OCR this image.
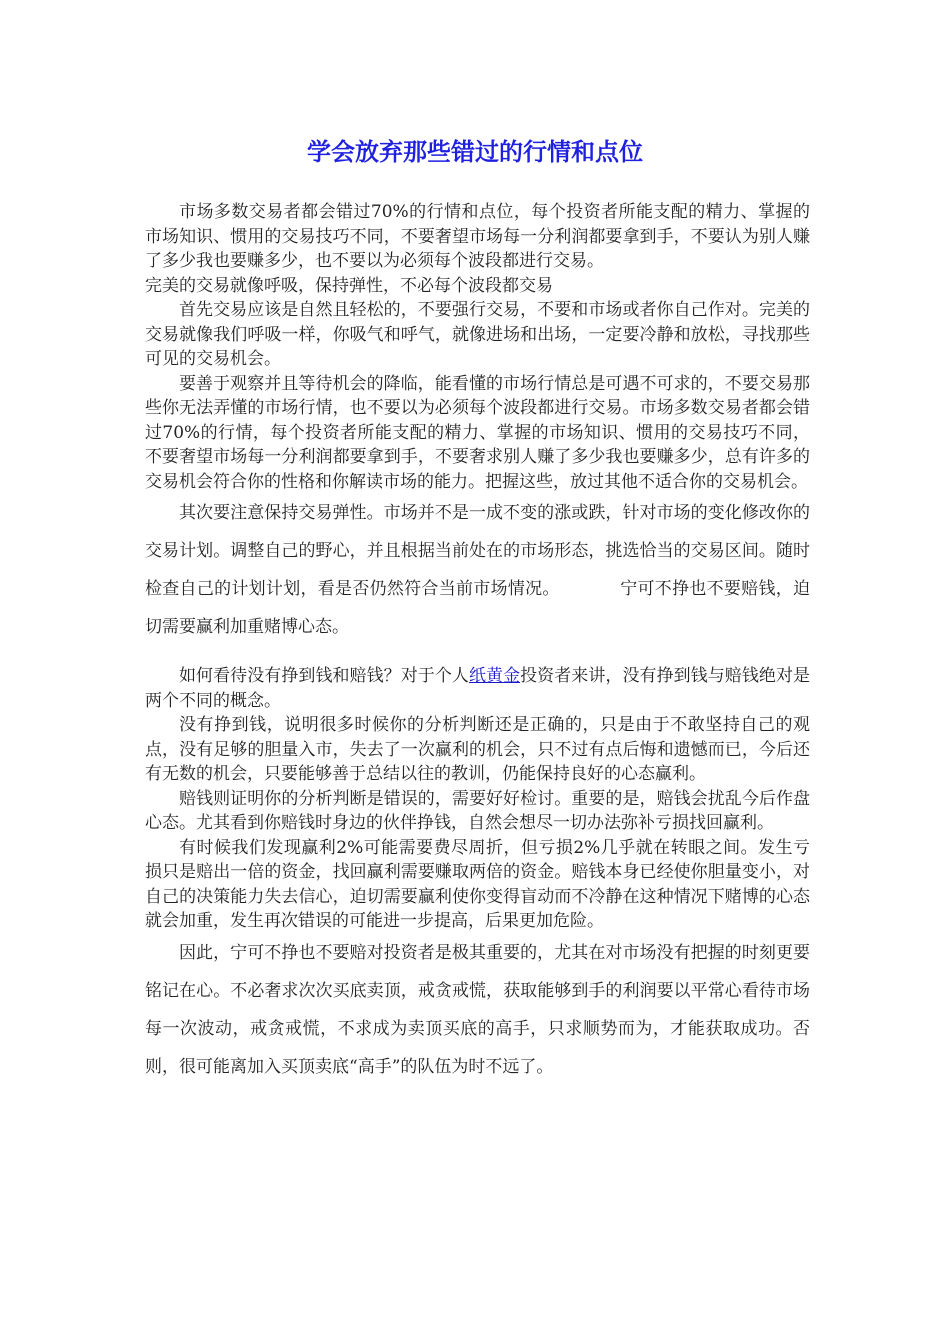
学会放弃那些错过的行情和点位

市场多数交易者都会错过70%的行情和点位，每个投资者所能支配的精力、掌握的市场知识、惯用的交易技巧不同，不要奢望市场每一分利润都要拿到手，不要认为别人赚了多少我也要赚多少，也不要以为必须每个波段都进行交易。

完美的交易就像呼吸，保持弹性，不必每个波段都交易

首先交易应该是自然且轻松的，不要强行交易，不要和市场或者你自己作对。完美的交易就像我们呼吸一样，你吸气和呼气，就像进场和出场，一定要冷静和放松，寻找那些可见的交易机会。

要善于观察并且等待机会的降临，能看懂的市场行情总是可遇不可求的，不要交易那些你无法弄懂的市场行情，也不要以为必须每个波段都进行交易。市场多数交易者都会错过70%的行情，每个投资者所能支配的精力、掌握的市场知识、惯用的交易技巧不同，不要奢望市场每一分利润都要拿到手，不要奢求别人赚了多少我也要赚多少，总有许多的交易机会符合你的性格和你解读市场的能力。把握这些，放过其他不适合你的交易机会。

其次要注意保持交易弹性。市场并不是一成不变的涨或跌，针对市场的变化修改你的交易计划。调整自己的野心，并且根据当前处在的市场形态，挑选恰当的交易区间。随时检查自己的计划计划，看是否仍然符合当前市场情况。　　　　宁可不挣也不要赔钱，迫切需要赢利加重赌博心态。

如何看待没有挣到钱和赔钱？对于个人纸黄金投资者来讲，没有挣到钱与赔钱绝对是两个不同的概念。

没有挣到钱，说明很多时候你的分析判断还是正确的，只是由于不敢坚持自己的观点，没有足够的胆量入市，失去了一次赢利的机会，只不过有点后悔和遗憾而已，今后还有无数的机会，只要能够善于总结以往的教训，仍能保持良好的心态赢利。

赔钱则证明你的分析判断是错误的，需要好好检讨。重要的是，赔钱会扰乱今后作盘心态。尤其看到你赔钱时身边的伙伴挣钱，自然会想尽一切办法弥补亏损找回赢利。

有时候我们发现赢利2%可能需要费尽周折，但亏损2%几乎就在转眼之间。发生亏损只是赔出一倍的资金，找回赢利需要赚取两倍的资金。赔钱本身已经使你胆量变小，对自己的决策能力失去信心，迫切需要赢利使你变得盲动而不冷静在这种情况下赌博的心态就会加重，发生再次错误的可能进一步提高，后果更加危险。

因此，宁可不挣也不要赔对投资者是极其重要的，尤其在对市场没有把握的时刻更要铭记在心。不必奢求次次买底卖顶，戒贪戒慌，获取能够到手的利润要以平常心看待市场每一次波动，戒贪戒慌，不求成为卖顶买底的高手，只求顺势而为，才能获取成功。否则，很可能离加入买顶卖底“高手”的队伍为时不远了。
